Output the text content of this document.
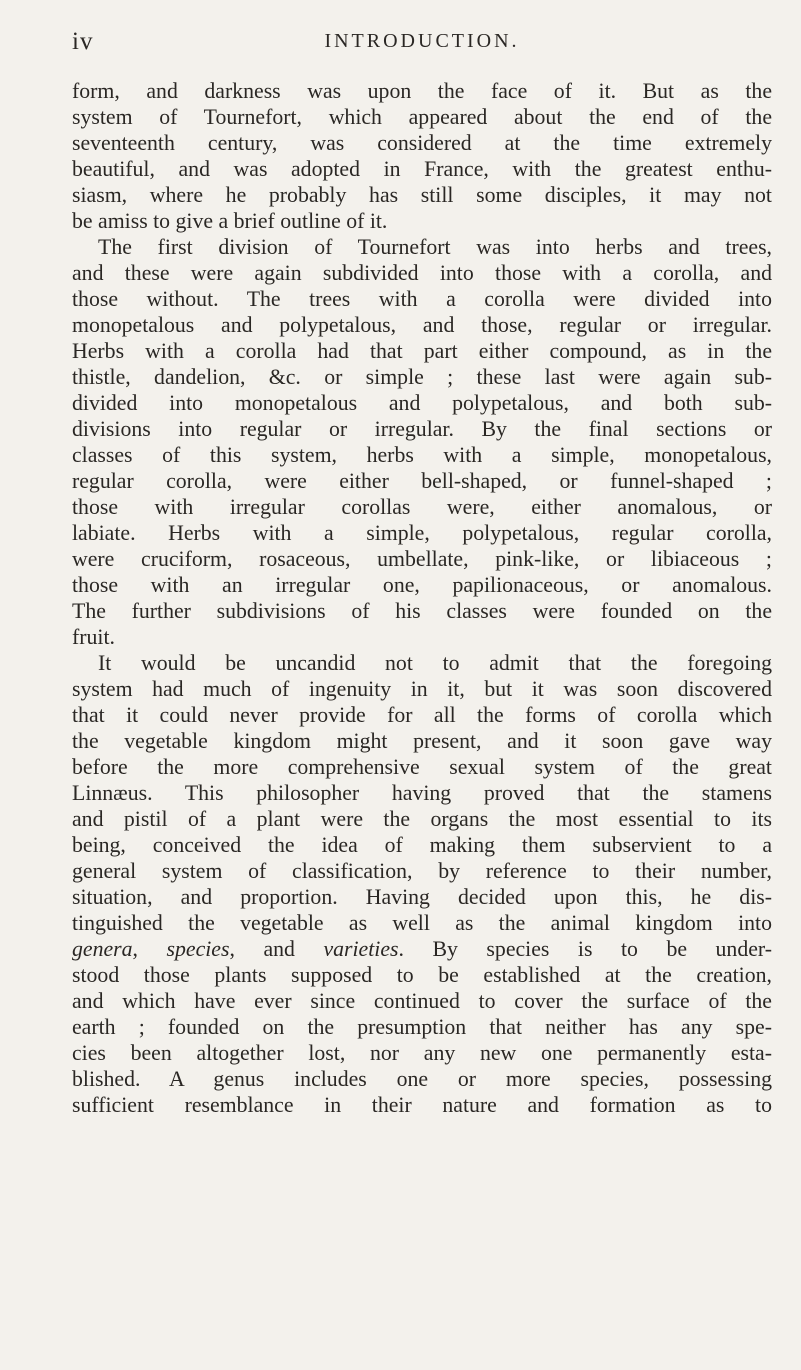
iv	INTRODUCTION.
form, and darkness was upon the face of it. But as the
system of Tournefort, which appeared about the end of the
seventeenth century, was considered at the time extremely
beautiful, and was adopted in France, with the greatest enthu-
siasm, where he probably has still some disciples, it may not
be amiss to give a brief outline of it.
The first division of Tournefort was into herbs and trees,
and these were again subdivided into those with a corolla, and
those without. The trees with a corolla were divided into
monopetalous and polypetalous, and those, regular or irregular.
Herbs with a corolla had that part either compound, as in the
thistle, dandelion, &c. or simple ; these last were again sub-
divided into monopetalous and polypetalous, and both sub-
divisions into regular or irregular. By the final sections or
classes of this system, herbs with a simple, monopetalous,
regular corolla, were either bell-shaped, or funnel-shaped ;
those with irregular corollas were, either anomalous, or
labiate. Herbs with a simple, polypetalous, regular corolla,
were cruciform, rosaceous, umbellate, pink-like, or libiaceous ;
those with an irregular one, papilionaceous, or anomalous.
The further subdivisions of his classes were founded on the
fruit.
It would be uncandid not to admit that the foregoing
system had much of ingenuity in it, but it was soon discovered
that it could never provide for all the forms of corolla which
the vegetable kingdom might present, and it soon gave way
before the more comprehensive sexual system of the great
Linnæus. This philosopher having proved that the stamens
and pistil of a plant were the organs the most essential to its
being, conceived the idea of making them subservient to a
general system of classification, by reference to their number,
situation, and proportion. Having decided upon this, he dis-
tinguished the vegetable as well as the animal kingdom into
genera, species, and varieties. By species is to be under-
stood those plants supposed to be established at the creation,
and which have ever since continued to cover the surface of the
earth ; founded on the presumption that neither has any spe-
cies been altogether lost, nor any new one permanently esta-
blished. A genus includes one or more species, possessing
sufficient resemblance in their nature and formation as to
